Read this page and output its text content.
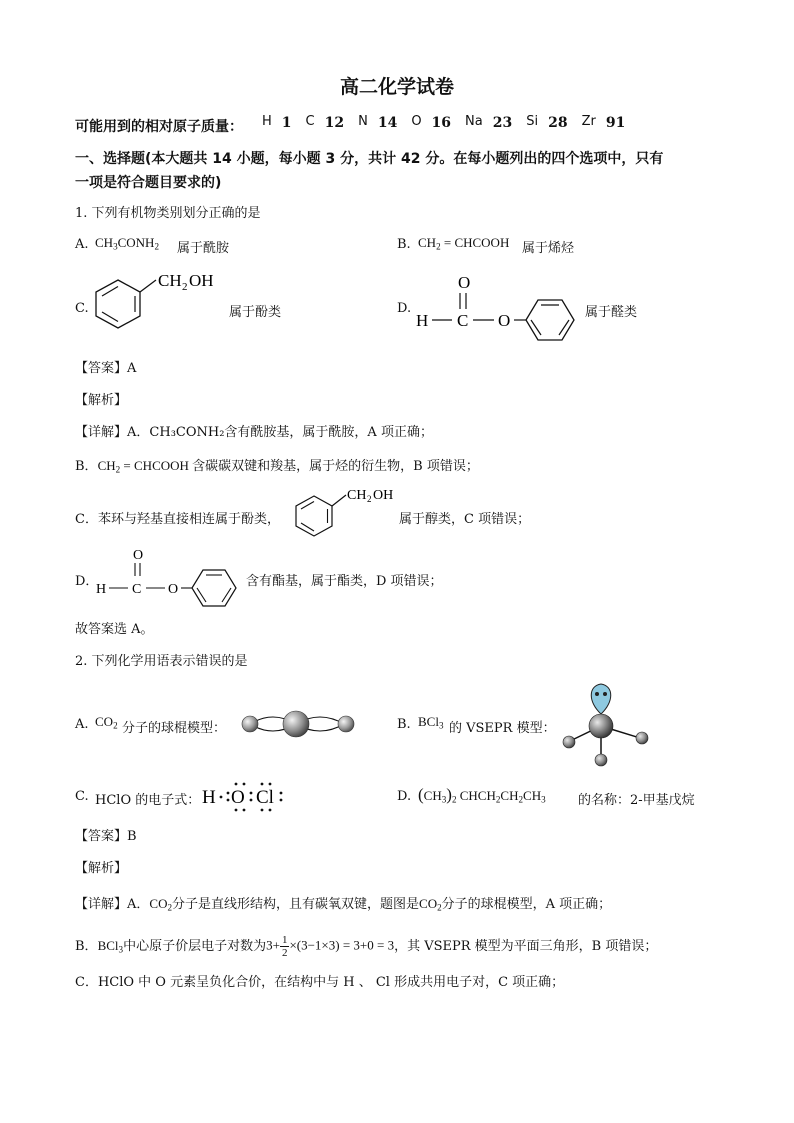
高二化学试卷
可能用到的相对原子质量： H 1 C 12 N 14 O 16 Na 23 Si 28 Zr 91
一、选择题(本大题共 14 小题，每小题 3 分，共计 42 分。在每小题列出的四个选项中，只有
一项是符合题目要求的)
1. 下列有机物类别划分正确的是
A. $CH_3CONH_2$ 属于酰胺	B. $CH_2$ = CHCOOH 属于烯烃
C.
CH 2 OH
属于酚类	D.
O
H C O	属于醛类
【答案】A
【解析】
【详解】A．CH₃CONH₂含有酰胺基，属于酰胺，A 项正确；
B．$CH_2$ = CHCOOH 含碳碳双键和羧基，属于烃的衍生物，B 项错误；
C．苯环与羟基直接相连属于酚类，
CH 2 OH
属于醇类，C 项错误；
D．
O
H C O
含有酯基，属于酯类，D 项错误；
故答案选 A。
2. 下列化学用语表示错误的是
A. $CO_2$ 分子的球棍模型：	B. BCl$_3$ 的 VSEPR 模型：
C. HClO 的电子式： H O Cl	D. $(CH_3)_2$ $CHCH_2CH_2CH_3$ 的名称：2-甲基戊烷
【答案】B
【解析】
【详解】A．$CO_2$分子是直线形结构，且有碳氧双键，题图是$CO_2$分子的球棍模型，A 项正确；
B．BCl$_3$中心原子价层电子对数为$3+ \frac{1}{2} \times(3-1\times 3) = 3+0 = 3$，其 VSEPR 模型为平面三角形，B 项错误；
C．HClO 中 O 元素呈负化合价，在结构中与 H 、 Cl 形成共用电子对，C 项正确；
